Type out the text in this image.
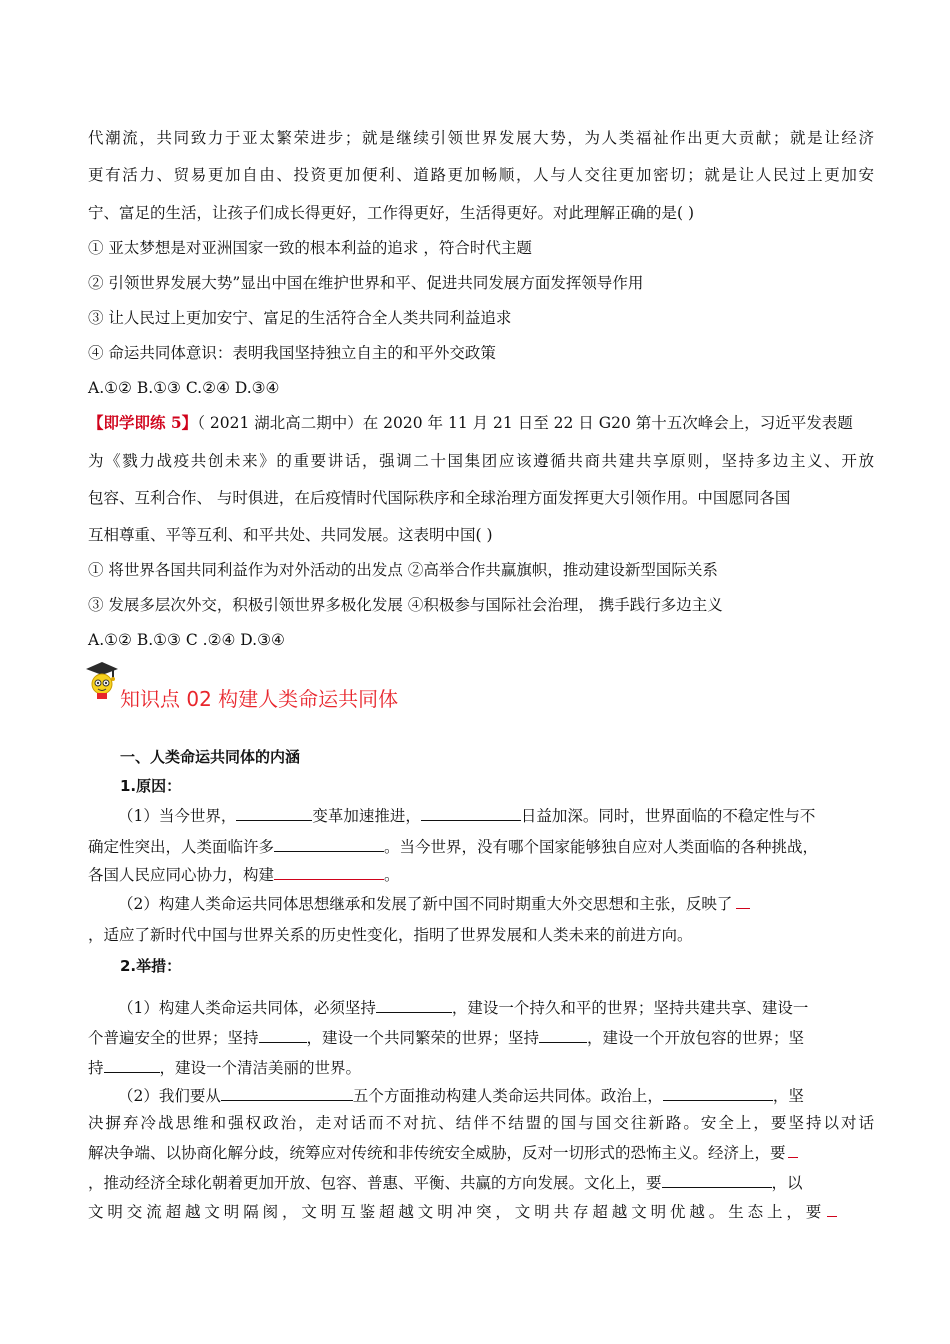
代潮流，共同致力于亚太繁荣进步；就是继续引领世界发展大势，为人类福祉作出更大贡献；就是让经济
更有活力、贸易更加自由、投资更加便利、道路更加畅顺，人与人交往更加密切；就是让人民过上更加安
宁、富足的生活，让孩子们成长得更好，工作得更好，生活得更好。对此理解正确的是( )
① 亚太梦想是对亚洲国家一致的根本利益的追求 ，符合时代主题
② 引领世界发展大势”显出中国在维护世界和平、促进共同发展方面发挥领导作用
③ 让人民过上更加安宁、富足的生活符合全人类共同利益追求
④ 命运共同体意识：表明我国坚持独立自主的和平外交政策
A.①② B.①③ C.②④ D.③④
【即学即练 5】（ 2021 湖北高二期中）在 2020 年 11 月 21 日至 22 日 G20 第十五次峰会上，习近平发表题
为《戮力战疫共创未来》的重要讲话，强调二十国集团应该遵循共商共建共享原则，坚持多边主义、开放
包容、互利合作、 与时俱进，在后疫情时代国际秩序和全球治理方面发挥更大引领作用。中国愿同各国
互相尊重、平等互利、和平共处、共同发展。这表明中国( )
① 将世界各国共同利益作为对外活动的出发点 ②高举合作共赢旗帜，推动建设新型国际关系
③ 发展多层次外交，积极引领世界多极化发展 ④积极参与国际社会治理， 携手践行多边主义
A.①② B.①③ C .②④ D.③④
知识点 02 构建人类命运共同体
一、人类命运共同体的内涵
1.原因：
（1）当今世界，	变革加速推进，	日益加深。同时，世界面临的不稳定性与不
确定性突出，人类面临许多	。当今世界，没有哪个国家能够独自应对人类面临的各种挑战，
各国人民应同心协力，构建	。
（2）构建人类命运共同体思想继承和发展了新中国不同时期重大外交思想和主张，反映了
，适应了新时代中国与世界关系的历史性变化，指明了世界发展和人类未来的前进方向。
2.举措：
（1）构建人类命运共同体，必须坚持	，建设一个持久和平的世界；坚持共建共享、建设一
个普遍安全的世界；坚持	，建设一个共同繁荣的世界；坚持	，建设一个开放包容的世界；坚
持	，建设一个清洁美丽的世界。
（2）我们要从	五个方面推动构建人类命运共同体。政治上，	，坚
决摒弃冷战思维和强权政治，走对话而不对抗、结伴不结盟的国与国交往新路。安全上，要坚持以对话
解决争端、以协商化解分歧，统筹应对传统和非传统安全威胁，反对一切形式的恐怖主义。经济上，要
，推动经济全球化朝着更加开放、包容、普惠、平衡、共赢的方向发展。文化上，要	，以
文明交流超越文明隔阂，文明互鉴超越文明冲突，文明共存超越文明优越。生态上，要
